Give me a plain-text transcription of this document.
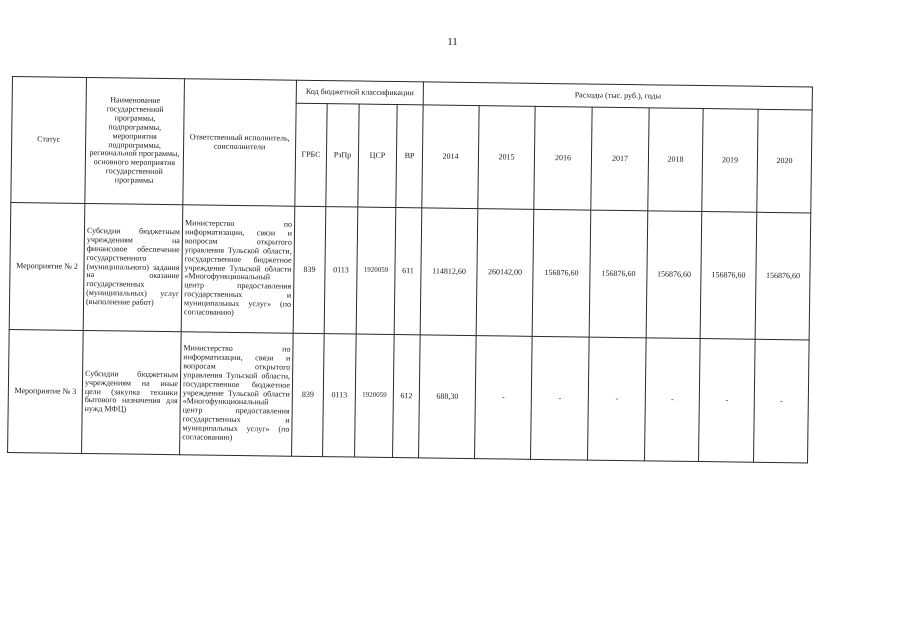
11
Статус	Наименование государственной программы, подпрограммы, мероприятия подпрограммы, региональной программы, основного мероприятия государственной программы	Ответственный исполнитель, соисполнители	Код бюджетной классификации				Расходы (тыс. руб.), годы						
			ГРБС	РзПр	ЦСР	ВР	2014	2015	2016	2017	2018	2019	2020
Мероприятие № 2	Субсидии бюджетным учреждениям на финансовое обеспечение государственного (муниципального) задания на оказание государственных (муниципальных) услуг (выполнение работ)	Министерство по информатизации, связи и вопросам открытого управления Тульской области, государственное бюджетное учреждение Тульской области «Многофункциональный центр предоставления государственных и муниципальных услуг» (по согласованию)	839	0113	1920059	611	114812,60	260142,00	156876,60	156876,60	156876,60	156876,60	156876,60
Мероприятие № 3	Субсидии бюджетным учреждениям на иные цели (закупка техники бытового назначения для нужд МФЦ)	Министерство по информатизации, связи и вопросам открытого управления Тульской области, государственное бюджетное учреждение Тульской области «Многофункциональный центр предоставления государственных и муниципальных услуг» (по согласованию)	839	0113	1920059	612	688,30	-	-	-	-	-	-
